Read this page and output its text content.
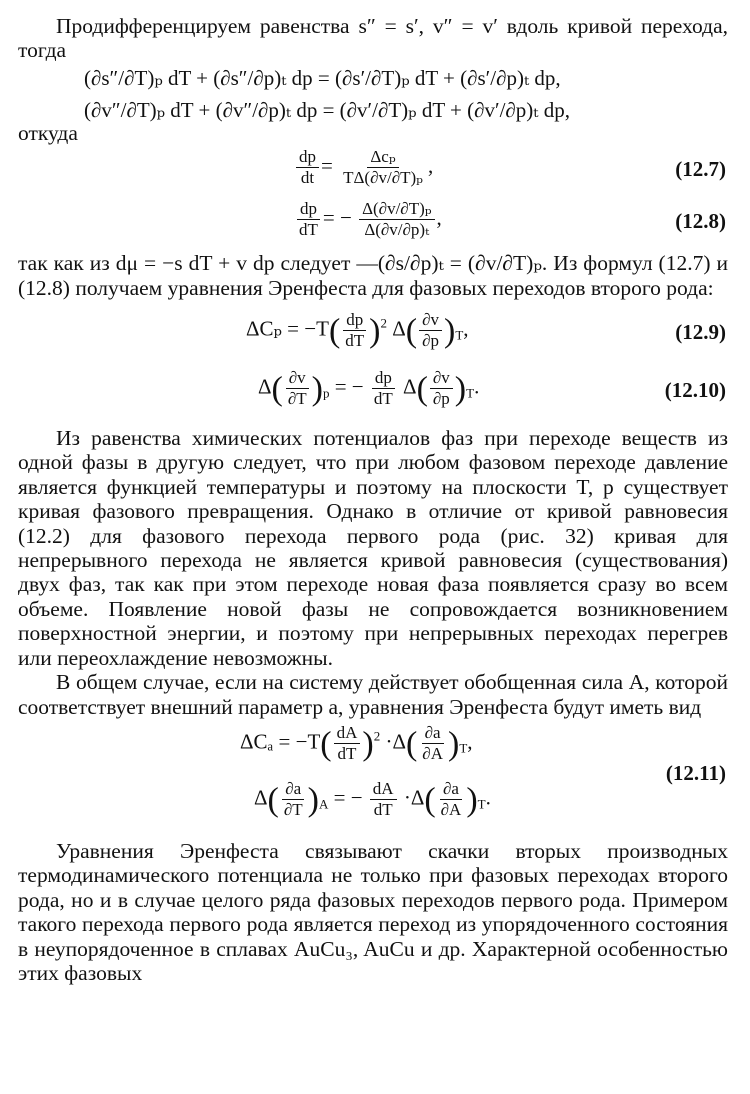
Продифференцируем равенства s″ = s′, v″ = v′ вдоль кривой перехода, тогда

(∂s″/∂T)ₚ dT + (∂s″/∂p)ₜ dp = (∂s′/∂T)ₚ dT + (∂s′/∂p)ₜ dp,
(∂v″/∂T)ₚ dT + (∂v″/∂p)ₜ dp = (∂v′/∂T)ₚ dT + (∂v′/∂p)ₜ dp,

откуда

$\frac{dp}{dt} = \frac{\text{Δcₚ}}{\text{TΔ(∂v/∂T)ₚ}}$ ,	(12.7)
$\frac{dp}{dT}$ = − $\frac{\text{Δ(∂v/∂T)ₚ}}{\text{Δ(∂v/∂p)ₜ}}$ ,	(12.8)

так как из dμ = −s dT + v dp следует —(∂s/∂p)ₜ = (∂v/∂T)ₚ. Из формул (12.7) и (12.8) получаем уравнения Эренфеста для фазовых переходов второго рода:

$\Delta C_p = -T( \frac{dp}{dT} )^2$ $\Delta( \frac{\partial v}{\partial p} )_T$,	(12.9)
$\Delta( \frac{\partial v}{\partial T} )_p$ = − $\frac{dp}{dT} \Delta( \frac{\partial v}{\partial p} )_T$.	(12.10)

Из равенства химических потенциалов фаз при переходе веществ из одной фазы в другую следует, что при любом фазовом переходе давление является функцией температуры и поэтому на плоскости T, p существует кривая фазового превращения. Однако в отличие от кривой равновесия (12.2) для фазового перехода первого рода (рис. 32) кривая для непрерывного перехода не является кривой равновесия (существования) двух фаз, так как при этом переходе новая фаза появляется сразу во всем объеме. Появление новой фазы не сопровождается возникновением поверхностной энергии, и поэтому при непрерывных переходах перегрев или переохлаждение невозможны.

В общем случае, если на систему действует обобщенная сила A, которой соответствует внешний параметр a, уравнения Эренфеста будут иметь вид

$\Delta C_a = -T( \frac{dA}{dT} )^2 \cdot\Delta( \frac{\partial a}{\partial A} )_T$,
$\Delta( \frac{\partial a}{\partial T} )_A$ = − $\frac{dA}{dT} \cdot\Delta( \frac{\partial a}{\partial A} )_T$.
(12.11)

Уравнения Эренфеста связывают скачки вторых производных термодинамического потенциала не только при фазовых переходах второго рода, но и в случае целого ряда фазовых переходов первого рода. Примером такого перехода первого рода является переход из упорядоченного состояния в неупорядоченное в сплавах AuCu₃, AuCu и др. Характерной особенностью этих фазовых
